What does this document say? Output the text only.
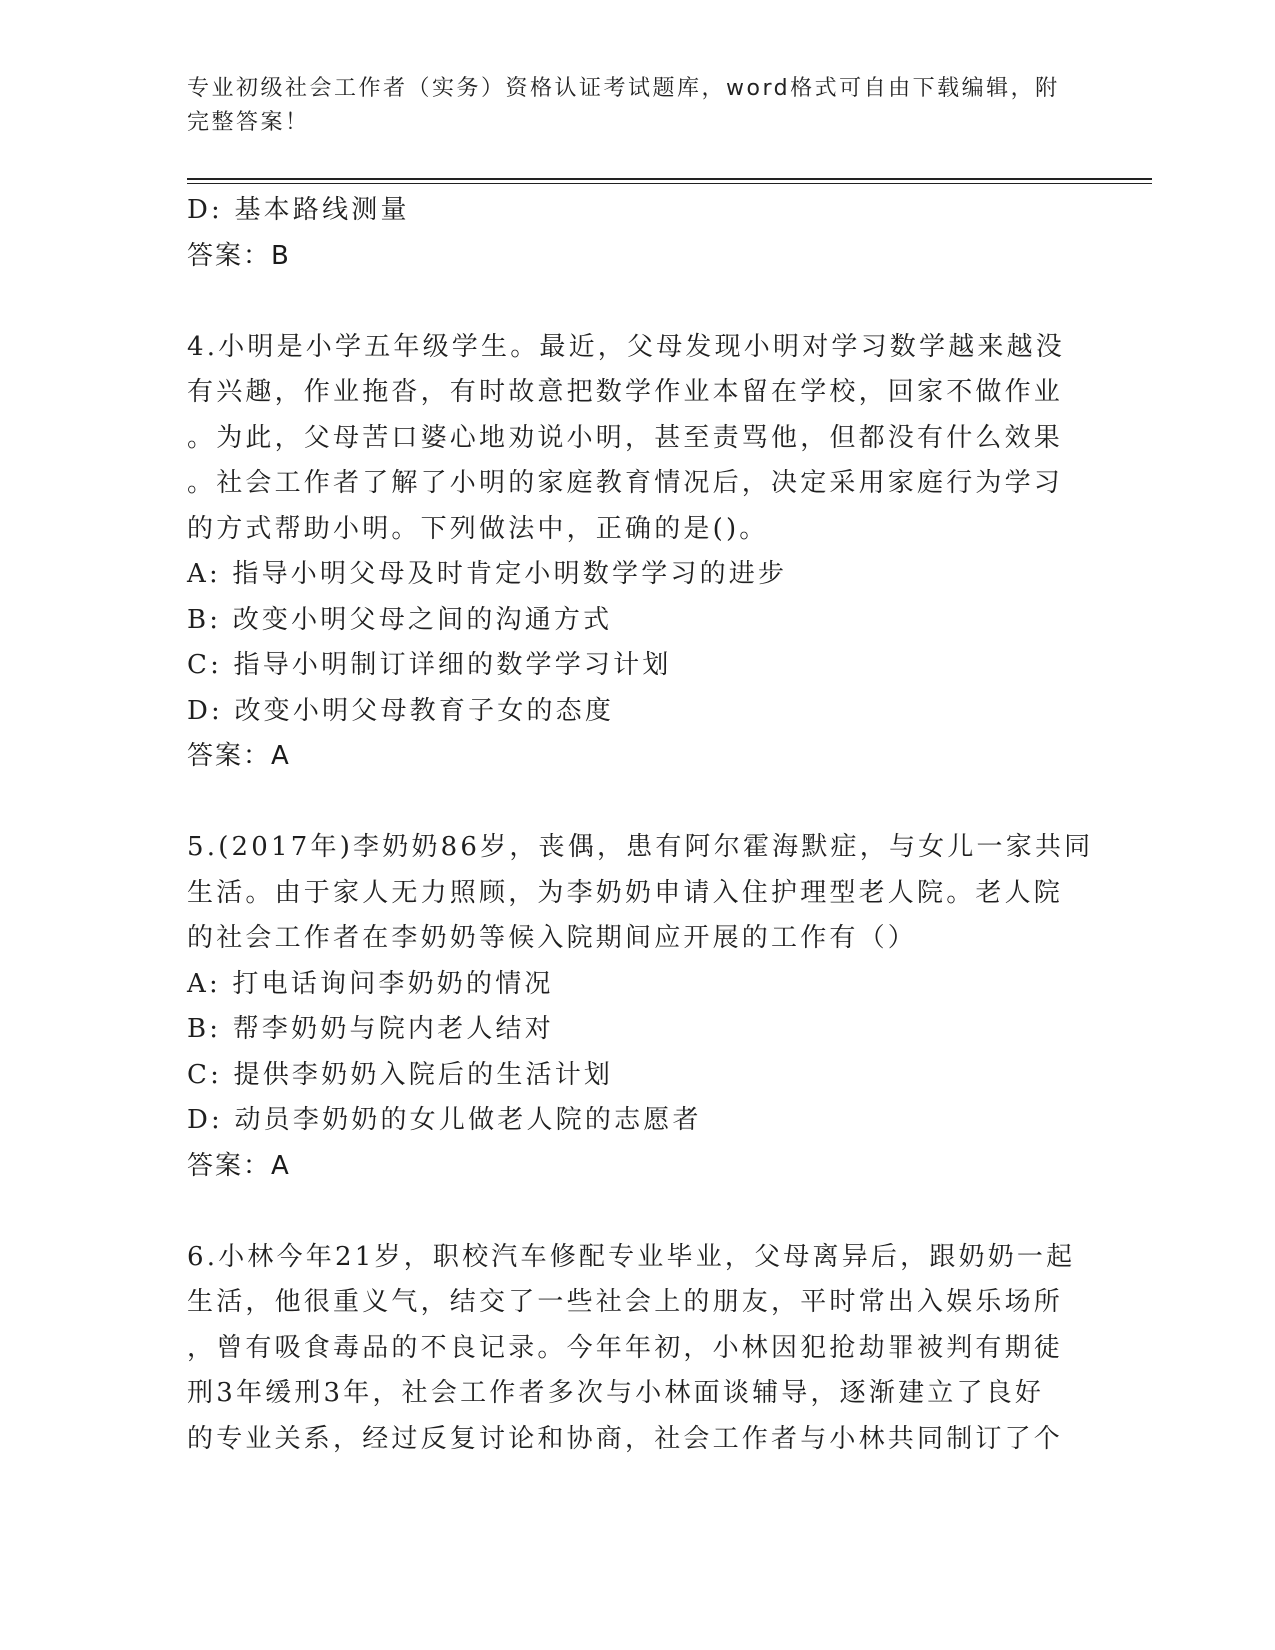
专业初级社会工作者（实务）资格认证考试题库，word格式可自由下载编辑，附
完整答案！
D: 基本路线测量
答案：B
4.小明是小学五年级学生。最近，父母发现小明对学习数学越来越没
有兴趣，作业拖沓，有时故意把数学作业本留在学校，回家不做作业
。为此，父母苦口婆心地劝说小明，甚至责骂他，但都没有什么效果
。社会工作者了解了小明的家庭教育情况后，决定采用家庭行为学习
的方式帮助小明。下列做法中，正确的是()。
A: 指导小明父母及时肯定小明数学学习的进步
B: 改变小明父母之间的沟通方式
C: 指导小明制订详细的数学学习计划
D: 改变小明父母教育子女的态度
答案：A
5.(2017年)李奶奶86岁，丧偶，患有阿尔霍海默症，与女儿一家共同
生活。由于家人无力照顾，为李奶奶申请入住护理型老人院。老人院
的社会工作者在李奶奶等候入院期间应开展的工作有（）
A: 打电话询问李奶奶的情况
B: 帮李奶奶与院内老人结对
C: 提供李奶奶入院后的生活计划
D: 动员李奶奶的女儿做老人院的志愿者
答案：A
6.小林今年21岁，职校汽车修配专业毕业，父母离异后，跟奶奶一起
生活，他很重义气，结交了一些社会上的朋友，平时常出入娱乐场所
，曾有吸食毒品的不良记录。今年年初，小林因犯抢劫罪被判有期徒
刑3年缓刑3年，社会工作者多次与小林面谈辅导，逐渐建立了良好
的专业关系，经过反复讨论和协商，社会工作者与小林共同制订了个
